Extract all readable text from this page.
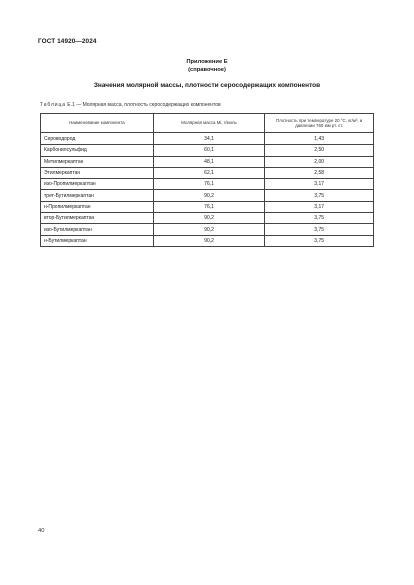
ГОСТ 14920—2024
Приложение Е
(справочное)
Значения молярной массы, плотности серосодержащих компонентов
Таблица Е.1 — Молярная масса, плотность серосодержащих компонентов
Наименование компонента	Молярная масса Mi, г/моль	Плотность при температуре 20 °С, кг/м³, и давлении 760 мм рт. ст.
Сероводород	34,1	1,43
Карбонилсульфид	60,1	2,50
Метилмеркаптан	48,1	2,00
Этилмеркаптан	62,1	2,58
изо-Пропилмеркаптан	76,1	3,17
трет-Бутилмеркаптан	90,2	3,75
н-Пропилмеркаптан	76,1	3,17
втор-Бутилмеркаптан	90,2	3,75
изо-Бутилмеркаптан	90,2	3,75
н-Бутилмеркаптан	90,2	3,75
40
